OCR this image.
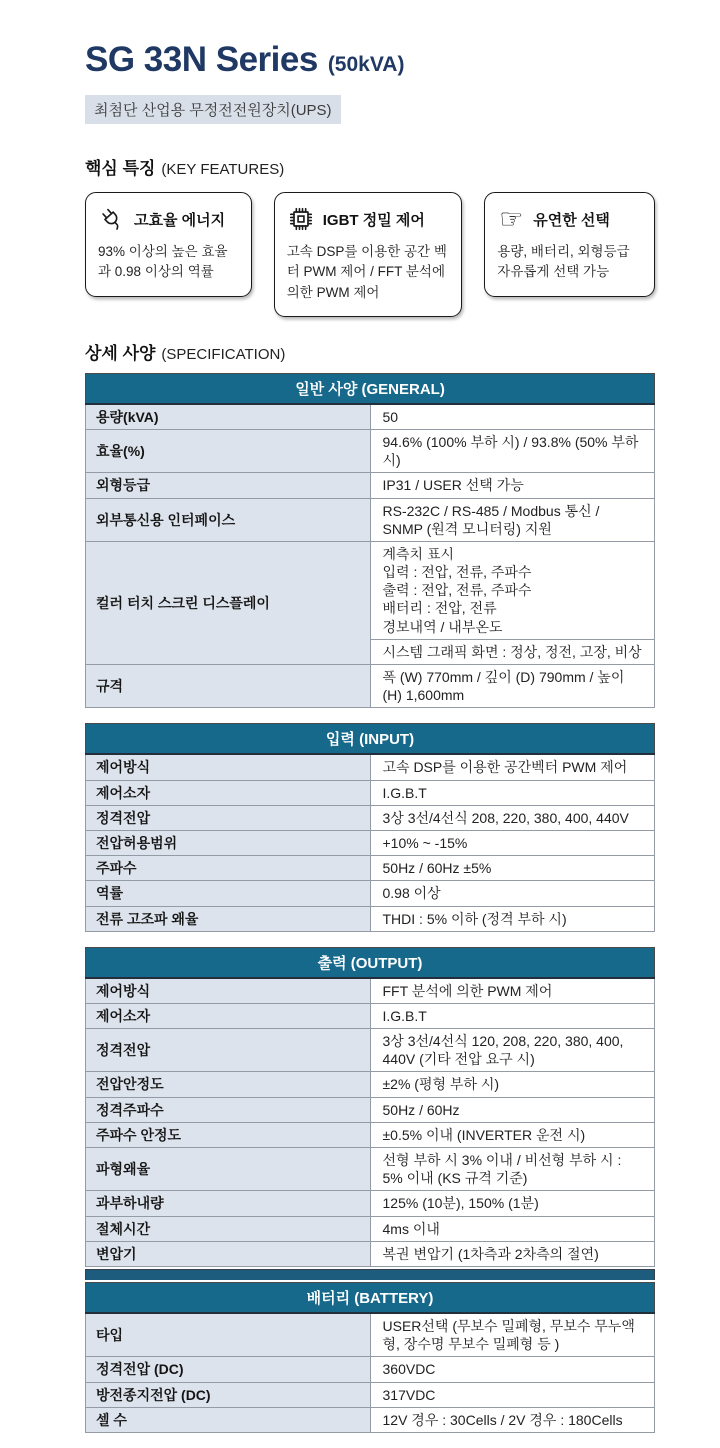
SG 33N Series (50kVA)
최첨단 산업용 무정전전원장치(UPS)
핵심 특징 (KEY FEATURES)
고효율 에너지
93% 이상의 높은 효율과 0.98 이상의 역률
IGBT 정밀 제어
고속 DSP를 이용한 공간 벡터 PWM 제어 / FFT 분석에 의한 PWM 제어
☞ 유연한 선택
용량, 배터리, 외형등급 자유롭게 선택 가능
상세 사양 (SPECIFICATION)
일반 사양 (GENERAL)	
용량(kVA)	50
효율(%)	94.6% (100% 부하 시) / 93.8% (50% 부하 시)
외형등급	IP31 / USER 선택 가능
외부통신용 인터페이스	RS-232C / RS-485 / Modbus 통신 / SNMP (원격 모니터링) 지원
컬러 터치 스크린 디스플레이	계측치 표시
입력 : 전압, 전류, 주파수
출력 : 전압, 전류, 주파수
배터리 : 전압, 전류
경보내역 / 내부온도
	시스템 그래픽 화면 : 정상, 정전, 고장, 비상
규격	폭 (W) 770mm / 깊이 (D) 790mm / 높이 (H) 1,600mm
입력 (INPUT)	
제어방식	고속 DSP를 이용한 공간벡터 PWM 제어
제어소자	I.G.B.T
정격전압	3상 3선/4선식 208, 220, 380, 400, 440V
전압허용범위	+10% ~ -15%
주파수	50Hz / 60Hz ±5%
역률	0.98 이상
전류 고조파 왜율	THDI : 5% 이하 (정격 부하 시)
출력 (OUTPUT)	
제어방식	FFT 분석에 의한 PWM 제어
제어소자	I.G.B.T
정격전압	3상 3선/4선식 120, 208, 220, 380, 400, 440V (기타 전압 요구 시)
전압안정도	±2% (평형 부하 시)
정격주파수	50Hz / 60Hz
주파수 안정도	±0.5% 이내 (INVERTER 운전 시)
파형왜율	선형 부하 시 3% 이내 / 비선형 부하 시 : 5% 이내 (KS 규격 기준)
과부하내량	125% (10분), 150% (1분)
절체시간	4ms 이내
변압기	복권 변압기 (1차측과 2차측의 절연)
배터리 (BATTERY)	
타입	USER선택 (무보수 밀폐형, 무보수 무누액형, 장수명 무보수 밀폐형 등 )
정격전압 (DC)	360VDC
방전종지전압 (DC)	317VDC
셀 수	12V 경우 : 30Cells / 2V 경우 : 180Cells
